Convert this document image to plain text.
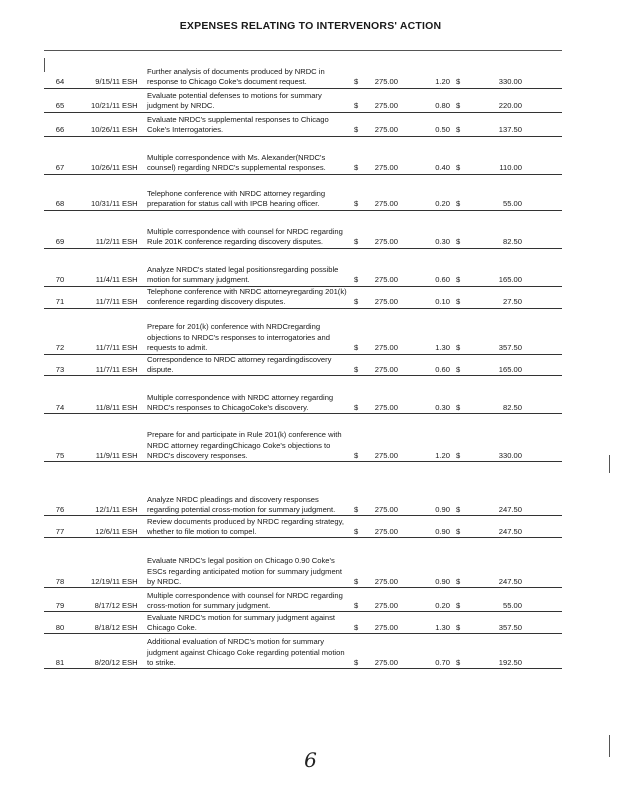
EXPENSES RELATING TO INTERVENORS' ACTION
64	9/15/11	ESH	Further analysis of documents produced by NRDC in response to Chicago Coke's document request.	$ 275.00	1.20	$ 330.00
65	10/21/11	ESH	Evaluate potential defenses to motions for summary judgment by NRDC.	$ 275.00	0.80	$ 220.00
66	10/26/11	ESH	Evaluate NRDC's supplemental responses to Chicago Coke's Interrogatories.	$ 275.00	0.50	$ 137.50
67	10/26/11	ESH	Multiple correspondence with Ms. Alexander(NRDC's counsel) regarding NRDC's supplemental responses.	$ 275.00	0.40	$ 110.00
68	10/31/11	ESH	Telephone conference with NRDC attorney regarding preparation for status call with IPCB hearing officer.	$ 275.00	0.20	$ 55.00
69	11/2/11	ESH	Multiple correspondence with counsel for NRDC regarding Rule 201K conference regarding discovery disputes.	$ 275.00	0.30	$ 82.50
70	11/4/11	ESH	Analyze NRDC's stated legal positionsregarding possible motion for summary judgment.	$ 275.00	0.60	$ 165.00
71	11/7/11	ESH	Telephone conference with NRDC attorneyregarding 201(k) conference regarding discovery disputes.	$ 275.00	0.10	$ 27.50
72	11/7/11	ESH	Prepare for 201(k) conference with NRDCregarding objections to NRDC's responses to interrogatories and requests to admit.	$ 275.00	1.30	$ 357.50
73	11/7/11	ESH	Correspondence to NRDC attorney regardingdiscovery dispute.	$ 275.00	0.60	$ 165.00
74	11/8/11	ESH	Multiple correspondence with NRDC attorney regarding NRDC's responses to ChicagoCoke's discovery.	$ 275.00	0.30	$ 82.50
75	11/9/11	ESH	Prepare for and participate in Rule 201(k) conference with NRDC attorney regardingChicago Coke's objections to NRDC's discovery responses.	$ 275.00	1.20	$ 330.00
76	12/1/11	ESH	Analyze NRDC pleadings and discovery responses regarding potential cross-motion for summary judgment.	$ 275.00	0.90	$ 247.50
77	12/6/11	ESH	Review documents produced by NRDC regarding strategy, whether to file motion to compel.	$ 275.00	0.90	$ 247.50
78	12/19/11	ESH	Evaluate NRDC's legal position on Chicago 0.90 Coke's ESCs regarding anticipated motion for summary judgment by NRDC.	$ 275.00	0.90	$ 247.50
79	8/17/12	ESH	Multiple correspondence with counsel for NRDC regarding cross-motion for summary judgment.	$ 275.00	0.20	$ 55.00
80	8/18/12	ESH	Evaluate NRDC's motion for summary judgment against Chicago Coke.	$ 275.00	1.30	$ 357.50
81	8/20/12	ESH	Additional evaluation of NRDC's motion for summary judgment against Chicago Coke regarding potential motion to strike.	$ 275.00	0.70	$ 192.50
6
